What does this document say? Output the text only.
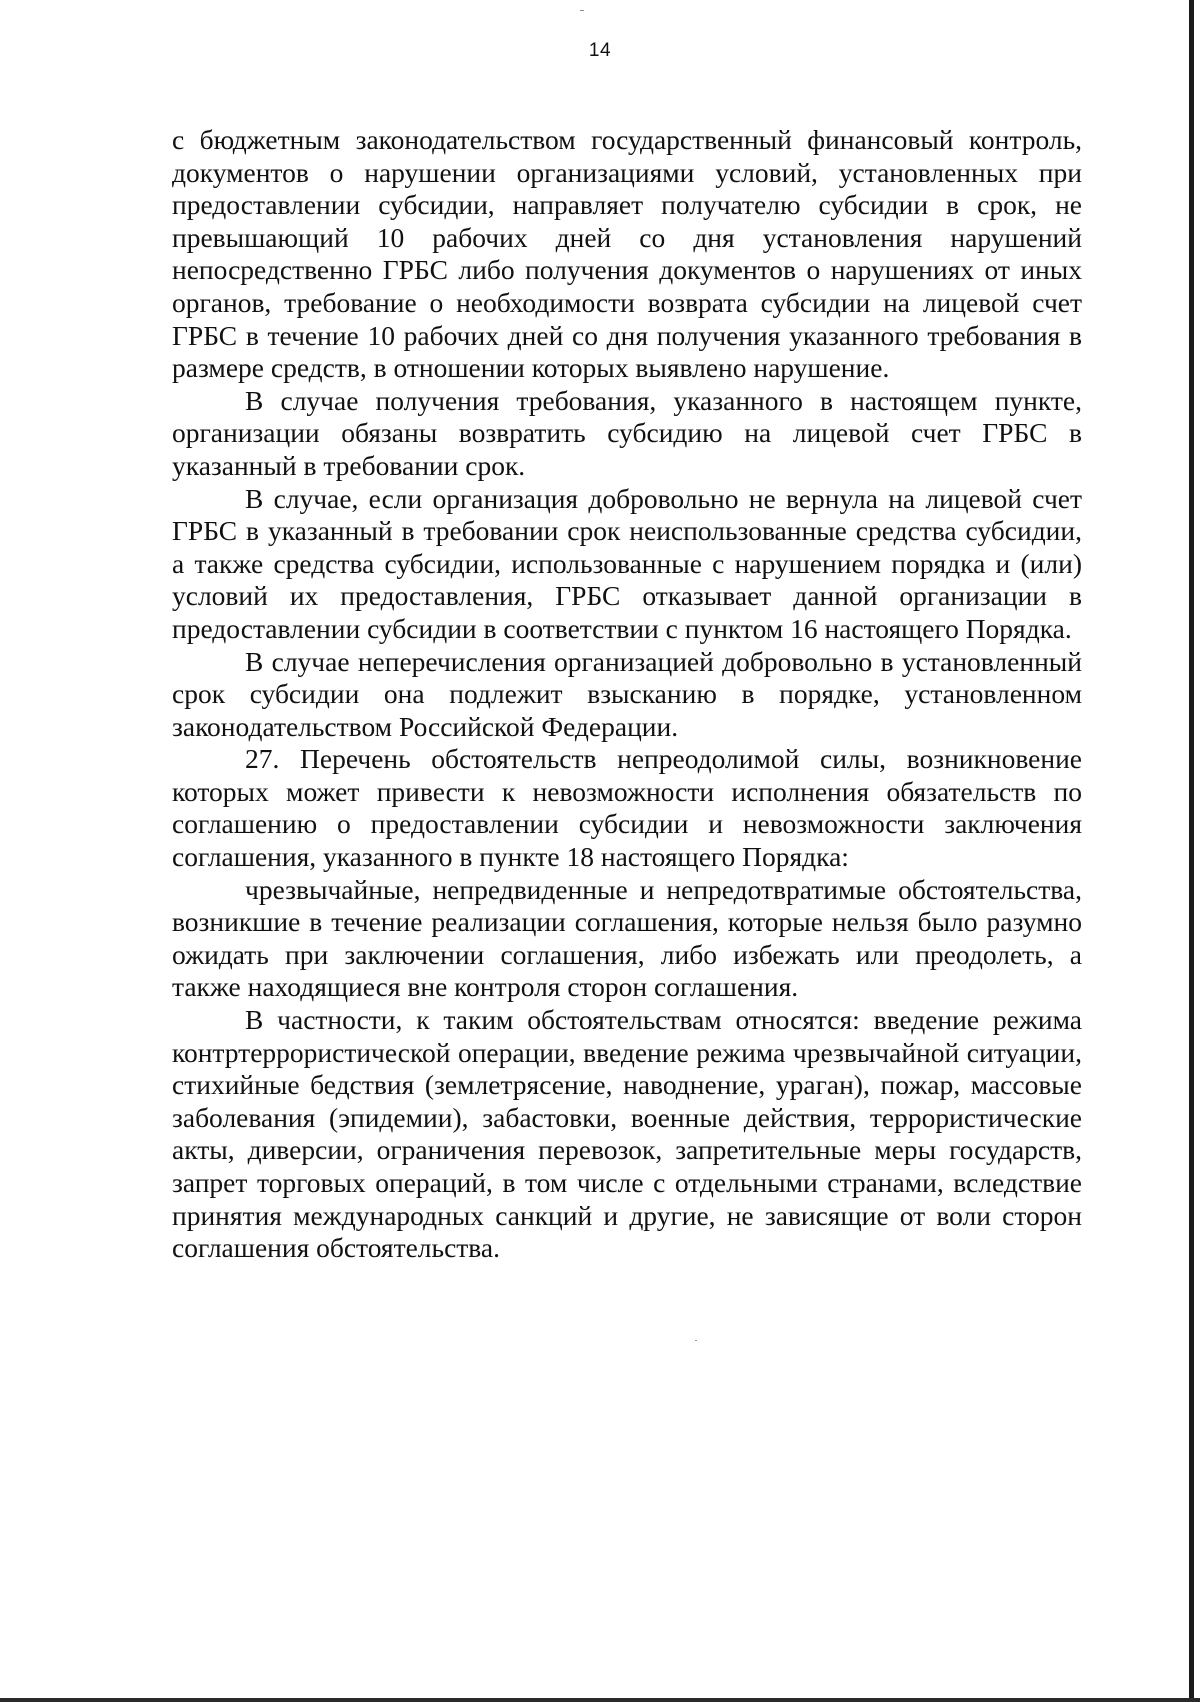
14

с бюджетным законодательством государственный финансовый контроль, документов о нарушении организациями условий, установленных при предоставлении субсидии, направляет получателю субсидии в срок, не превышающий 10 рабочих дней со дня установления нарушений непосредственно ГРБС либо получения документов о нарушениях от иных органов, требование о необходимости возврата субсидии на лицевой счет ГРБС в течение 10 рабочих дней со дня получения указанного требования в размере средств, в отношении которых выявлено нарушение.

В случае получения требования, указанного в настоящем пункте, организации обязаны возвратить субсидию на лицевой счет ГРБС в указанный в требовании срок.

В случае, если организация добровольно не вернула на лицевой счет ГРБС в указанный в требовании срок неиспользованные средства субсидии, а также средства субсидии, использованные с нарушением порядка и (или) условий их предоставления, ГРБС отказывает данной организации в предоставлении субсидии в соответствии с пунктом 16 настоящего Порядка.

В случае неперечисления организацией добровольно в установленный срок субсидии она подлежит взысканию в порядке, установленном законодательством Российской Федерации.

27. Перечень обстоятельств непреодолимой силы, возникновение которых может привести к невозможности исполнения обязательств по соглашению о предоставлении субсидии и невозможности заключения соглашения, указанного в пункте 18 настоящего Порядка:

чрезвычайные, непредвиденные и непредотвратимые обстоятельства, возникшие в течение реализации соглашения, которые нельзя было разумно ожидать при заключении соглашения, либо избежать или преодолеть, а также находящиеся вне контроля сторон соглашения.

В частности, к таким обстоятельствам относятся: введение режима контртеррористической операции, введение режима чрезвычайной ситуации, стихийные бедствия (землетрясение, наводнение, ураган), пожар, массовые заболевания (эпидемии), забастовки, военные действия, террористические акты, диверсии, ограничения перевозок, запретительные меры государств, запрет торговых операций, в том числе с отдельными странами, вследствие принятия международных санкций и другие, не зависящие от воли сторон соглашения обстоятельства.
